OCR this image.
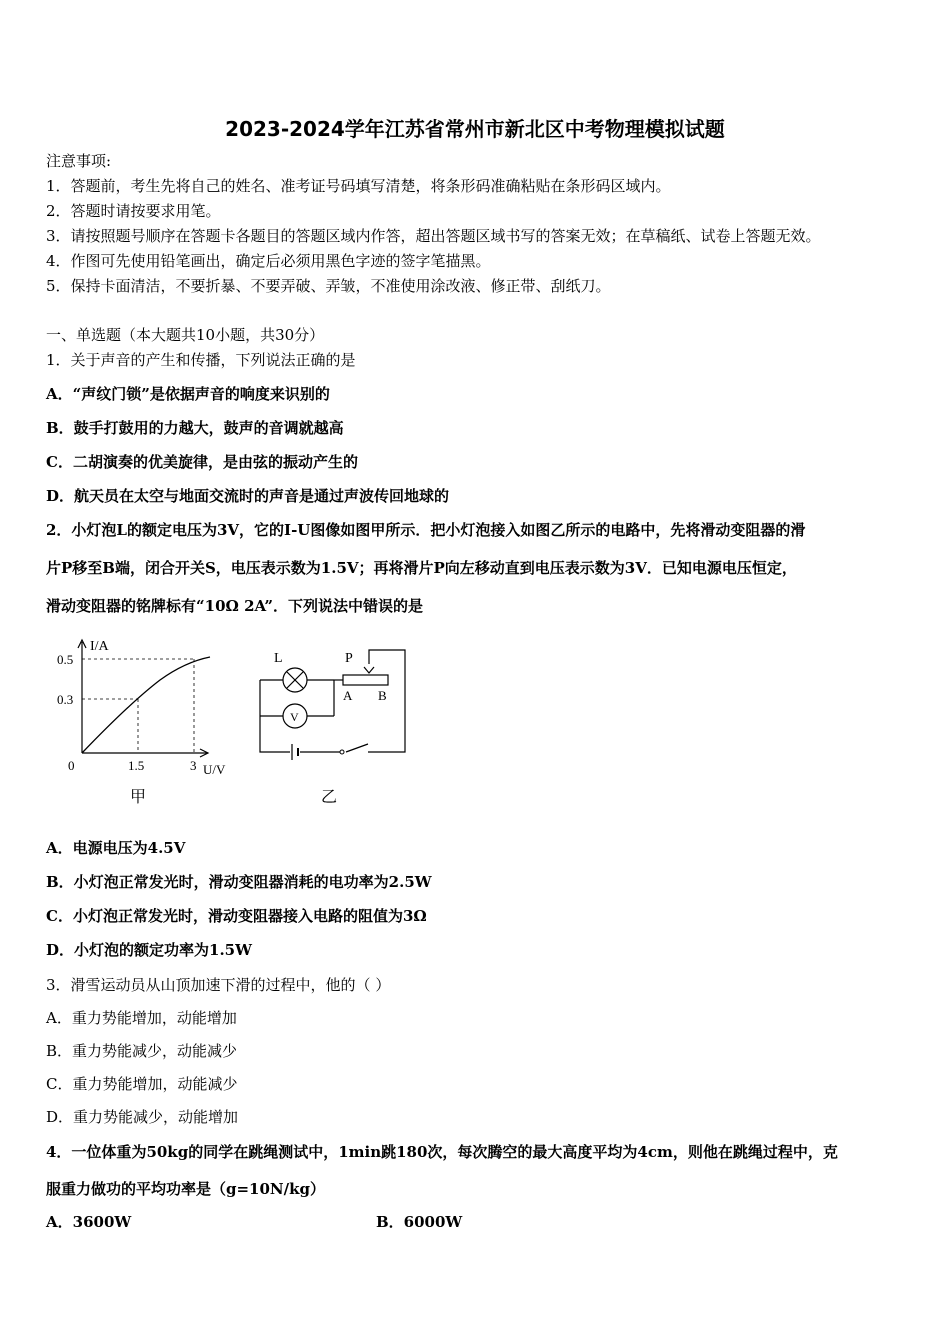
2023-2024学年江苏省常州市新北区中考物理模拟试题
注意事项:
1．答题前，考生先将自己的姓名、准考证号码填写清楚，将条形码准确粘贴在条形码区域内。
2．答题时请按要求用笔。
3．请按照题号顺序在答题卡各题目的答题区域内作答，超出答题区域书写的答案无效；在草稿纸、试卷上答题无效。
4．作图可先使用铅笔画出，确定后必须用黑色字迹的签字笔描黑。
5．保持卡面清洁，不要折暴、不要弄破、弄皱，不准使用涂改液、修正带、刮纸刀。
一、单选题（本大题共10小题，共30分）
1．关于声音的产生和传播，下列说法正确的是
A．“声纹门锁”是依据声音的响度来识别的
B．鼓手打鼓用的力越大，鼓声的音调就越高
C．二胡演奏的优美旋律，是由弦的振动产生的
D．航天员在太空与地面交流时的声音是通过声波传回地球的
2．小灯泡L的额定电压为3V，它的I-U图像如图甲所示．把小灯泡接入如图乙所示的电路中，先将滑动变阻器的滑
片P移至B端，闭合开关S，电压表示数为1.5V；再将滑片P向左移动直到电压表示数为3V．已知电源电压恒定，
滑动变阻器的铭牌标有“10Ω 2A”．下列说法中错误的是
I/A
0.5
0.3
0	1.5	3 U/V
甲
L	P
A B
V
乙
A．电源电压为4.5V
B．小灯泡正常发光时，滑动变阻器消耗的电功率为2.5W
C．小灯泡正常发光时，滑动变阻器接入电路的阻值为3Ω
D．小灯泡的额定功率为1.5W
3．滑雪运动员从山顶加速下滑的过程中，他的（ ）
A．重力势能增加，动能增加
B．重力势能减少，动能减少
C．重力势能增加，动能减少
D．重力势能减少，动能增加
4．一位体重为50kg的同学在跳绳测试中，1min跳180次，每次腾空的最大高度平均为4cm，则他在跳绳过程中，克
服重力做功的平均功率是（g=10N/kg）
A．3600W	B．6000W
